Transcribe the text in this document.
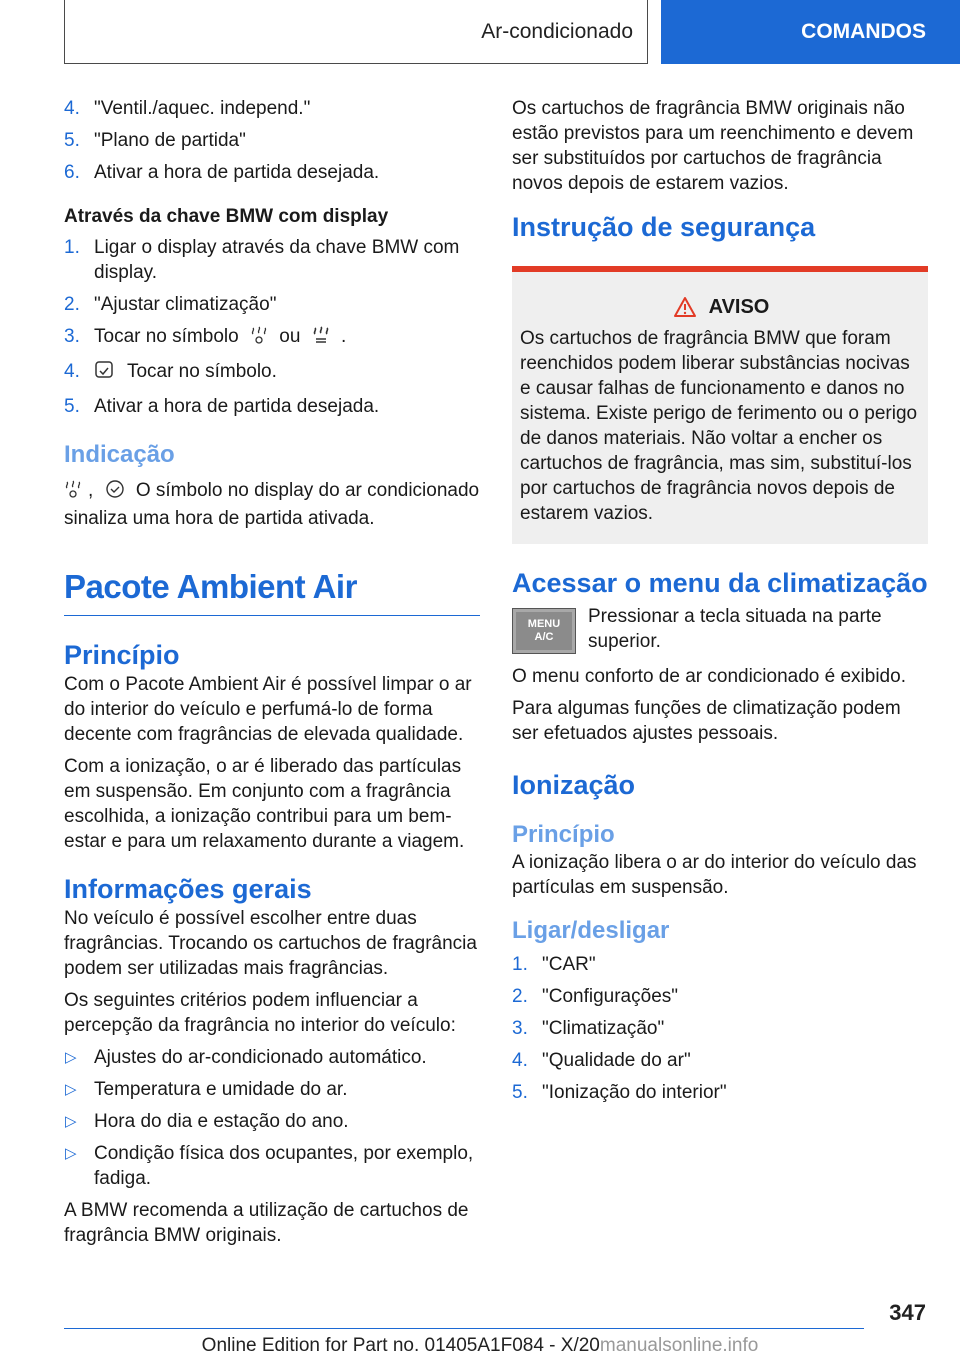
Ar-condicionado	COMANDOS
4. "Ventil./aquec. independ."
5. "Plano de partida"
6. Ativar a hora de partida desejada.
Através da chave BMW com display
1. Ligar o display através da chave BMW com display.
2. "Ajustar climatização"
3. Tocar no símbolo ou .
4. Tocar no símbolo.
5. Ativar a hora de partida desejada.
Indicação

, O símbolo no display do ar condicionado sinaliza uma hora de partida ativada.

Pacote Ambient Air
Princípio

Com o Pacote Ambient Air é possível limpar o ar do interior do veículo e perfumá-lo de forma decente com fragrâncias de elevada qualidade.

Com a ionização, o ar é liberado das partículas em suspensão. Em conjunto com a fragrância escolhida, a ionização contribui para um bem-estar e para um relaxamento durante a viagem.

Informações gerais

No veículo é possível escolher entre duas fragrâncias. Trocando os cartuchos de fragrância podem ser utilizadas mais fragrâncias.

Os seguintes critérios podem influenciar a percepção da fragrância no interior do veículo:

▷ Ajustes do ar-condicionado automático.
▷ Temperatura e umidade do ar.
▷ Hora do dia e estação do ano.
▷ Condição física dos ocupantes, por exemplo, fadiga.

A BMW recomenda a utilização de cartuchos de fragrância BMW originais.

Os cartuchos de fragrância BMW originais não estão previstos para um reenchimento e devem ser substituídos por cartuchos de fragrância novos depois de estarem vazios.

Instrução de segurança
AVISO

Os cartuchos de fragrância BMW que foram reenchidos podem liberar substâncias nocivas e causar falhas de funcionamento e danos no sistema. Existe perigo de ferimento ou o perigo de danos materiais. Não voltar a encher os cartuchos de fragrância, mas sim, substituí-los por cartuchos de fragrância novos depois de estarem vazios.

Acessar o menu da climatização
MENU
A/C

Pressionar a tecla situada na parte superior.

O menu conforto de ar condicionado é exibido.

Para algumas funções de climatização podem ser efetuados ajustes pessoais.

Ionização
Princípio

A ionização libera o ar do interior do veículo das partículas em suspensão.

Ligar/desligar
1. "CAR"
2. "Configurações"
3. "Climatização"
4. "Qualidade do ar"
5. "Ionização do interior"
347
Online Edition for Part no. 01405A1F084 - X/20manualsonline.info
